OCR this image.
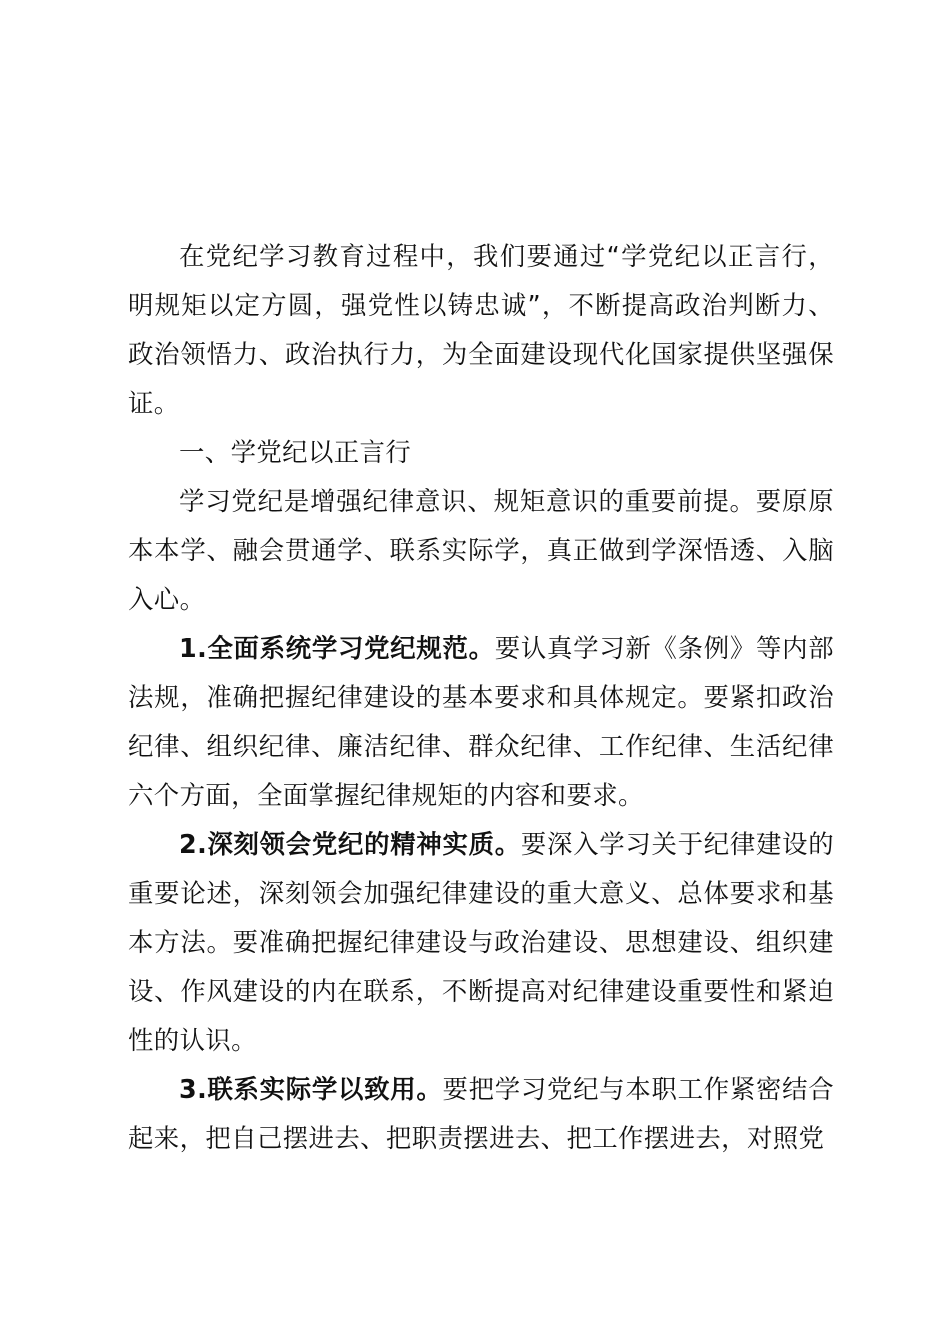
在党纪学习教育过程中，我们要通过“学党纪以正言行，明规矩以定方圆，强党性以铸忠诚”，不断提高政治判断力、政治领悟力、政治执行力，为全面建设现代化国家提供坚强保证。

一、学党纪以正言行

学习党纪是增强纪律意识、规矩意识的重要前提。要原原本本学、融会贯通学、联系实际学，真正做到学深悟透、入脑入心。

1.全面系统学习党纪规范。要认真学习新《条例》等内部法规，准确把握纪律建设的基本要求和具体规定。要紧扣政治纪律、组织纪律、廉洁纪律、群众纪律、工作纪律、生活纪律六个方面，全面掌握纪律规矩的内容和要求。

2.深刻领会党纪的精神实质。要深入学习关于纪律建设的重要论述，深刻领会加强纪律建设的重大意义、总体要求和基本方法。要准确把握纪律建设与政治建设、思想建设、组织建设、作风建设的内在联系，不断提高对纪律建设重要性和紧迫性的认识。

3.联系实际学以致用。要把学习党纪与本职工作紧密结合起来，把自己摆进去、把职责摆进去、把工作摆进去，对照党
